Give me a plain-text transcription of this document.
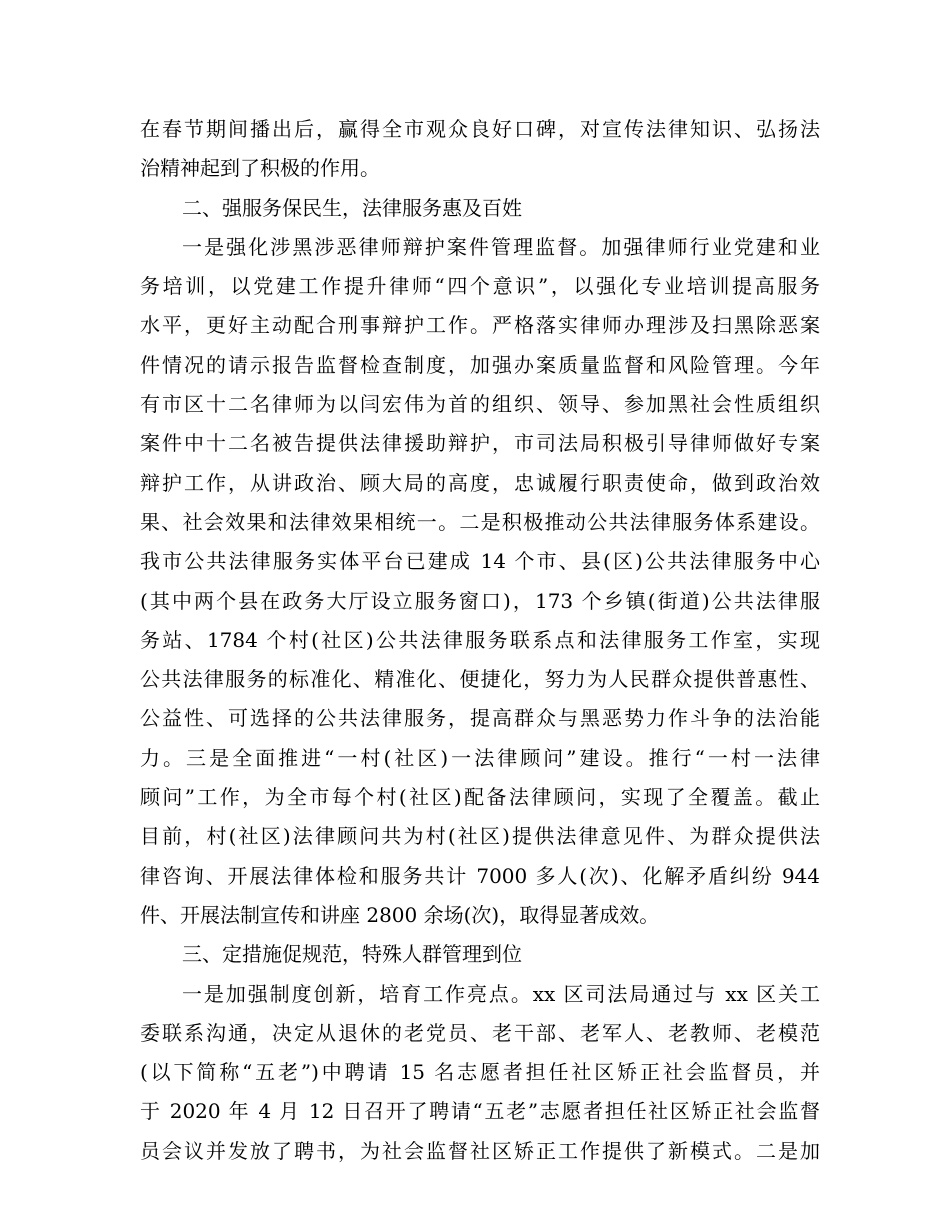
在春节期间播出后，赢得全市观众良好口碑，对宣传法律知识、弘扬法
治精神起到了积极的作用。
二、强服务保民生，法律服务惠及百姓
一是强化涉黑涉恶律师辩护案件管理监督。加强律师行业党建和业
务培训，以党建工作提升律师“四个意识”，以强化专业培训提高服务
水平，更好主动配合刑事辩护工作。严格落实律师办理涉及扫黑除恶案
件情况的请示报告监督检查制度，加强办案质量监督和风险管理。今年
有市区十二名律师为以闫宏伟为首的组织、领导、参加黑社会性质组织
案件中十二名被告提供法律援助辩护，市司法局积极引导律师做好专案
辩护工作，从讲政治、顾大局的高度，忠诚履行职责使命，做到政治效
果、社会效果和法律效果相统一。二是积极推动公共法律服务体系建设。
我市公共法律服务实体平台已建成 14 个市、县(区)公共法律服务中心
(其中两个县在政务大厅设立服务窗口)，173 个乡镇(街道)公共法律服
务站、1784 个村(社区)公共法律服务联系点和法律服务工作室，实现
公共法律服务的标准化、精准化、便捷化，努力为人民群众提供普惠性、
公益性、可选择的公共法律服务，提高群众与黑恶势力作斗争的法治能
力。三是全面推进“一村(社区)一法律顾问”建设。推行“一村一法律
顾问”工作，为全市每个村(社区)配备法律顾问，实现了全覆盖。截止
目前，村(社区)法律顾问共为村(社区)提供法律意见件、为群众提供法
律咨询、开展法律体检和服务共计 7000 多人(次)、化解矛盾纠纷 944
件、开展法制宣传和讲座 2800 余场(次)，取得显著成效。
三、定措施促规范，特殊人群管理到位
一是加强制度创新，培育工作亮点。xx 区司法局通过与 xx 区关工
委联系沟通，决定从退休的老党员、老干部、老军人、老教师、老模范
(以下简称“五老”)中聘请 15 名志愿者担任社区矫正社会监督员，并
于 2020 年 4 月 12 日召开了聘请“五老”志愿者担任社区矫正社会监督
员会议并发放了聘书，为社会监督社区矫正工作提供了新模式。二是加
